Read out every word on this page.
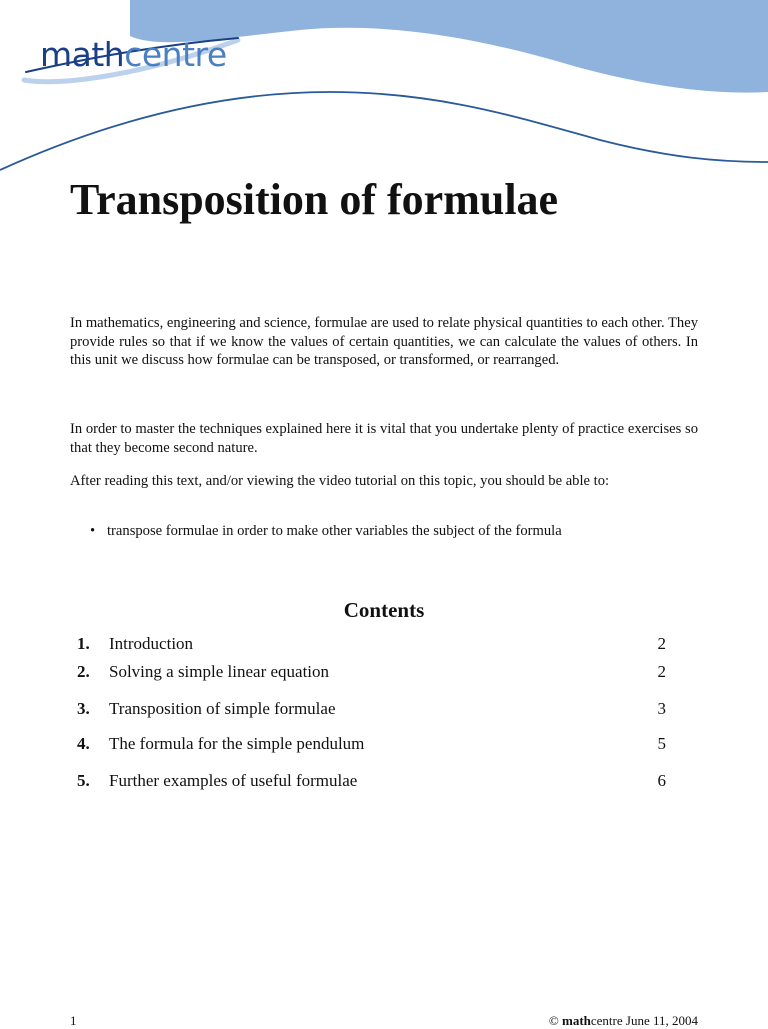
mathcentre
Transposition of formulae

In mathematics, engineering and science, formulae are used to relate physical quantities to each other. They provide rules so that if we know the values of certain quantities, we can calculate the values of others. In this unit we discuss how formulae can be transposed, or transformed, or rearranged.

In order to master the techniques explained here it is vital that you undertake plenty of practice exercises so that they become second nature.

After reading this text, and/or viewing the video tutorial on this topic, you should be able to:

• transpose formulae in order to make other variables the subject of the formula
Contents
1. Introduction	2
2. Solving a simple linear equation	2
3. Transposition of simple formulae	3
4. The formula for the simple pendulum	5
5. Further examples of useful formulae	6
1	© mathcentre June 11, 2004
